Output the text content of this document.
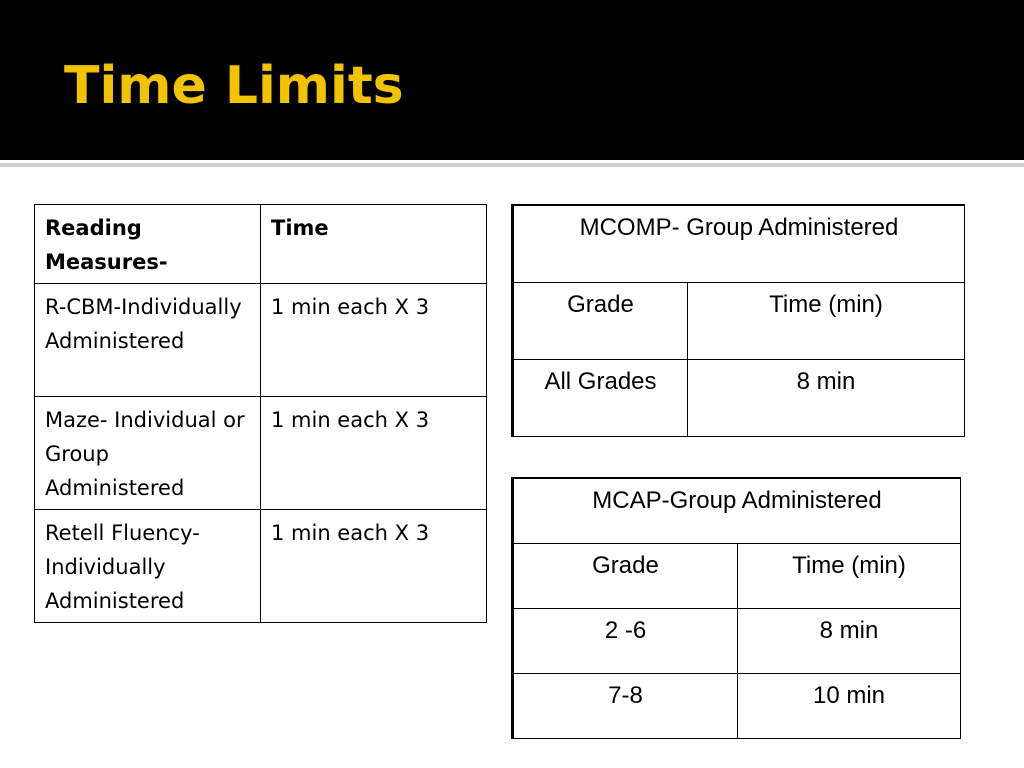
Time Limits
Reading Measures-	Time
R-CBM-Individually Administered	1 min each X 3
Maze- Individual or Group Administered	1 min each X 3
Retell Fluency-Individually Administered	1 min each X 3
MCOMP- Group Administered	
Grade	Time (min)
All Grades	8 min
MCAP-Group Administered	
Grade	Time (min)
2 -6	8 min
7-8	10 min
